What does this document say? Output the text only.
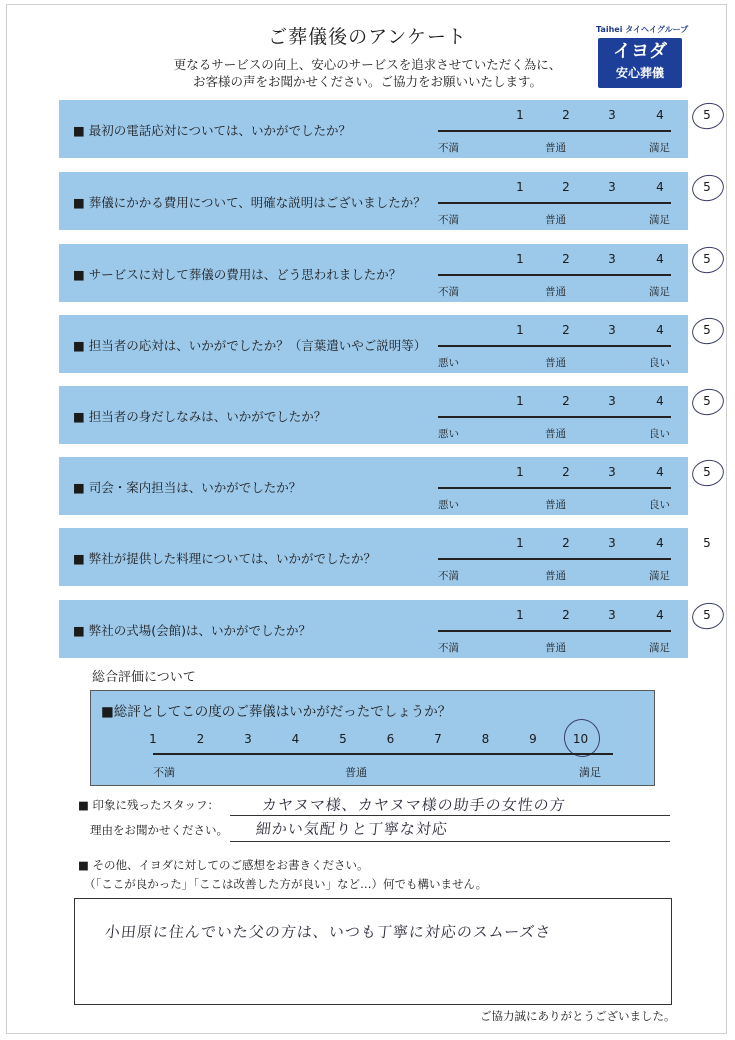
ご葬儀後のアンケート
更なるサービスの向上、安心のサービスを追求させていただく為に、
お客様の声をお聞かせください。ご協力をお願いいたします。
Taihei タイヘイグループ
イヨダ
安心葬儀
■ 最初の電話応対については、いかがでしたか？
1	2	3	4	5
不満	普通	満足
■ 葬儀にかかる費用について、明確な説明はございましたか？
1	2	3	4	5
不満	普通	満足
■ サービスに対して葬儀の費用は、どう思われましたか？
1	2	3	4	5
不満	普通	満足
■ 担当者の応対は、いかがでしたか？（言葉遣いやご説明等）
1	2	3	4	5
悪い	普通	良い
■ 担当者の身だしなみは、いかがでしたか？
1	2	3	4	5
悪い	普通	良い
■ 司会・案内担当は、いかがでしたか？
1	2	3	4	5
悪い	普通	良い
■ 弊社が提供した料理については、いかがでしたか？
1	2	3	4	5
不満	普通	満足
■ 弊社の式場(会館)は、いかがでしたか？
1	2	3	4	5
不満	普通	満足
総合評価について
■総評としてこの度のご葬儀はいかがだったでしょうか？
1	2	3	4	5	6	7	8	9	10
不満	普通	満足
■ 印象に残ったスタッフ：	カヤヌマ様、カヤヌマ様の助手の女性の方
理由をお聞かせください。 細かい気配りと丁寧な対応
■ その他、イヨダに対してのご感想をお書きください。
（「ここが良かった」「ここは改善した方が良い」など…）何でも構いません。
小田原に住んでいた父の方は、いつも丁寧に対応のスムーズさ
ご協力誠にありがとうございました。
